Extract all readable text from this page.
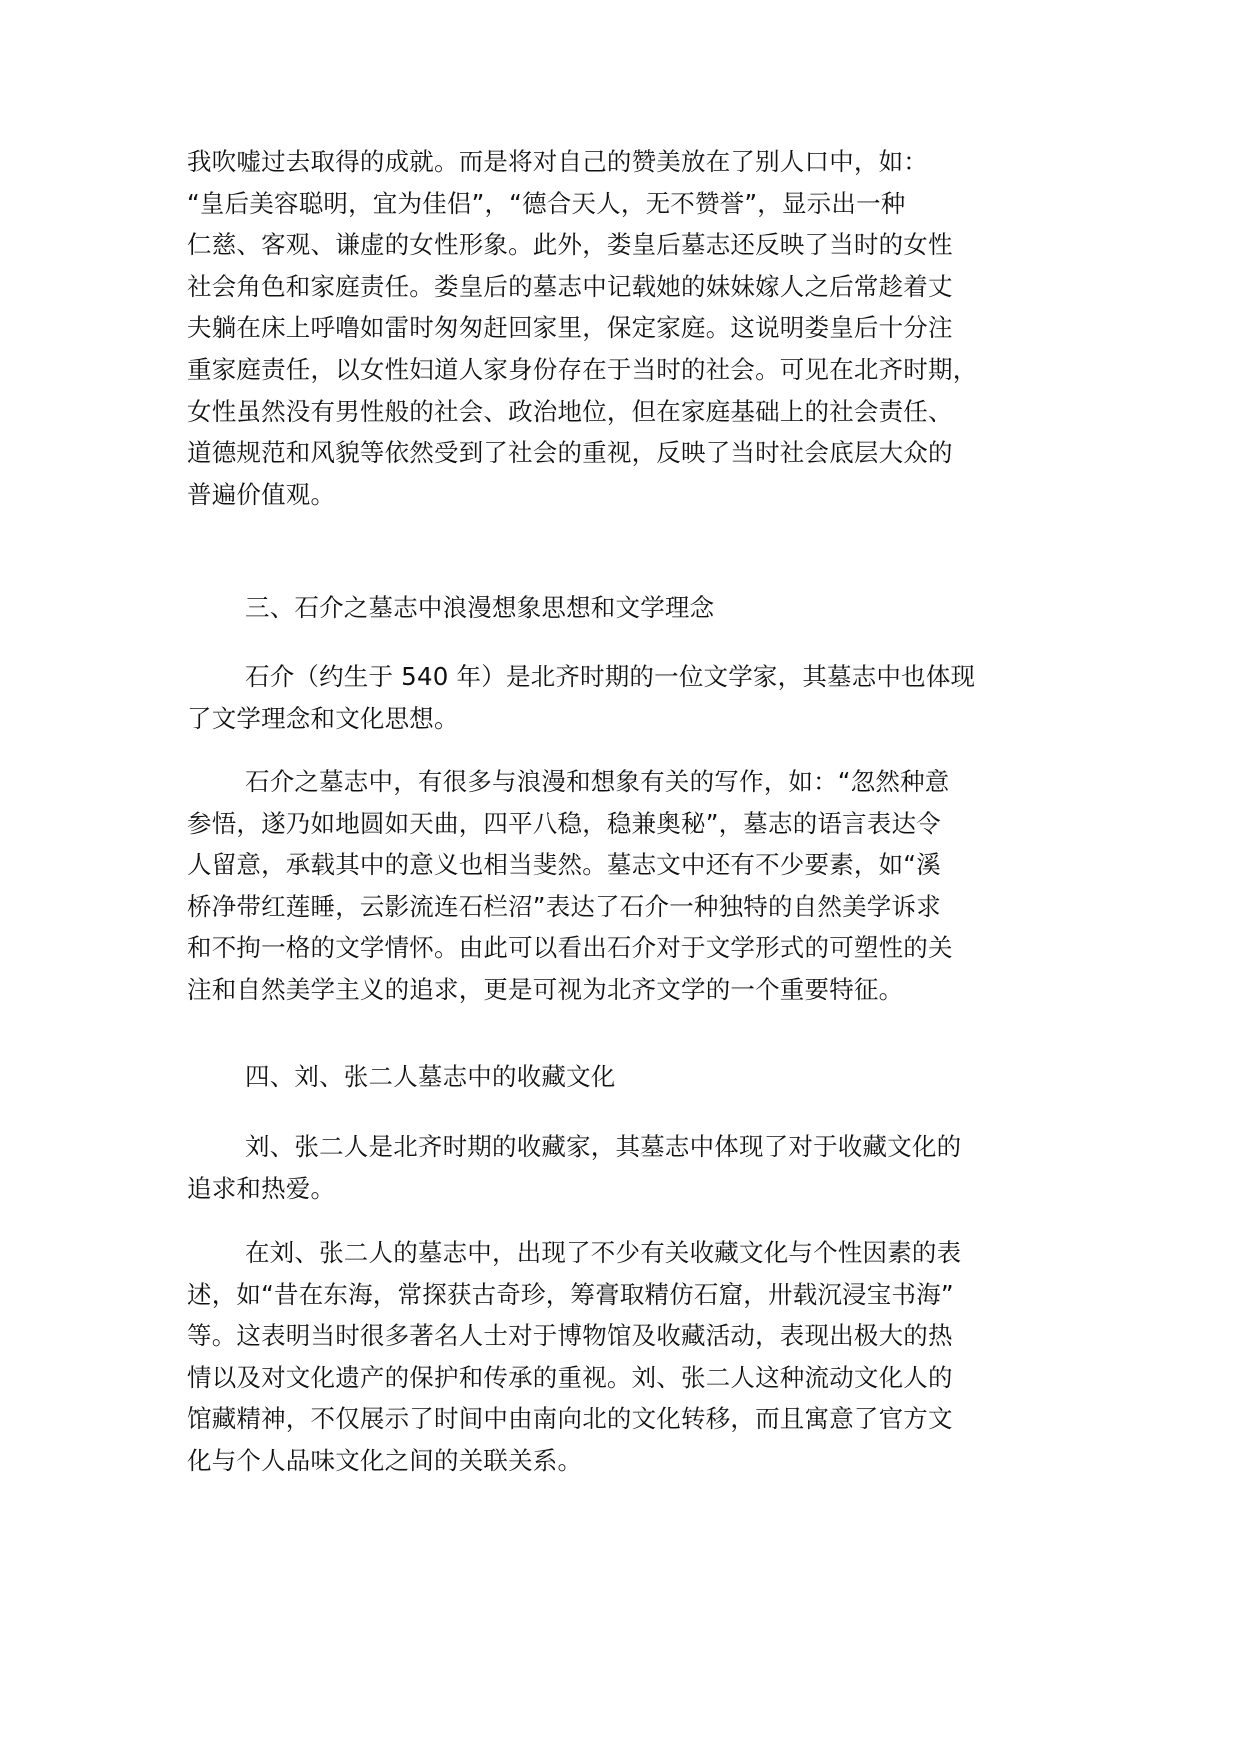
我吹嘘过去取得的成就。而是将对自己的赞美放在了别人口中，如：
“皇后美容聪明，宜为佳侣”，“德合天人，无不赞誉”，显示出一种
仁慈、客观、谦虚的女性形象。此外，娄皇后墓志还反映了当时的女性
社会角色和家庭责任。娄皇后的墓志中记载她的妹妹嫁人之后常趁着丈
夫躺在床上呼噜如雷时匆匆赶回家里，保定家庭。这说明娄皇后十分注
重家庭责任，以女性妇道人家身份存在于当时的社会。可见在北齐时期，
女性虽然没有男性般的社会、政治地位，但在家庭基础上的社会责任、
道德规范和风貌等依然受到了社会的重视，反映了当时社会底层大众的
普遍价值观。
三、石介之墓志中浪漫想象思想和文学理念
石介（约生于 540 年）是北齐时期的一位文学家，其墓志中也体现
了文学理念和文化思想。
石介之墓志中，有很多与浪漫和想象有关的写作，如：“忽然种意
参悟，遂乃如地圆如天曲，四平八稳，稳兼奥秘”，墓志的语言表达令
人留意，承载其中的意义也相当斐然。墓志文中还有不少要素，如“溪
桥净带红莲睡，云影流连石栏沼”表达了石介一种独特的自然美学诉求
和不拘一格的文学情怀。由此可以看出石介对于文学形式的可塑性的关
注和自然美学主义的追求，更是可视为北齐文学的一个重要特征。
四、刘、张二人墓志中的收藏文化
刘、张二人是北齐时期的收藏家，其墓志中体现了对于收藏文化的
追求和热爱。
在刘、张二人的墓志中，出现了不少有关收藏文化与个性因素的表
述，如“昔在东海，常探获古奇珍，筹膏取精仿石窟，卅载沉浸宝书海”
等。这表明当时很多著名人士对于博物馆及收藏活动，表现出极大的热
情以及对文化遗产的保护和传承的重视。刘、张二人这种流动文化人的
馆藏精神，不仅展示了时间中由南向北的文化转移，而且寓意了官方文
化与个人品味文化之间的关联关系。
